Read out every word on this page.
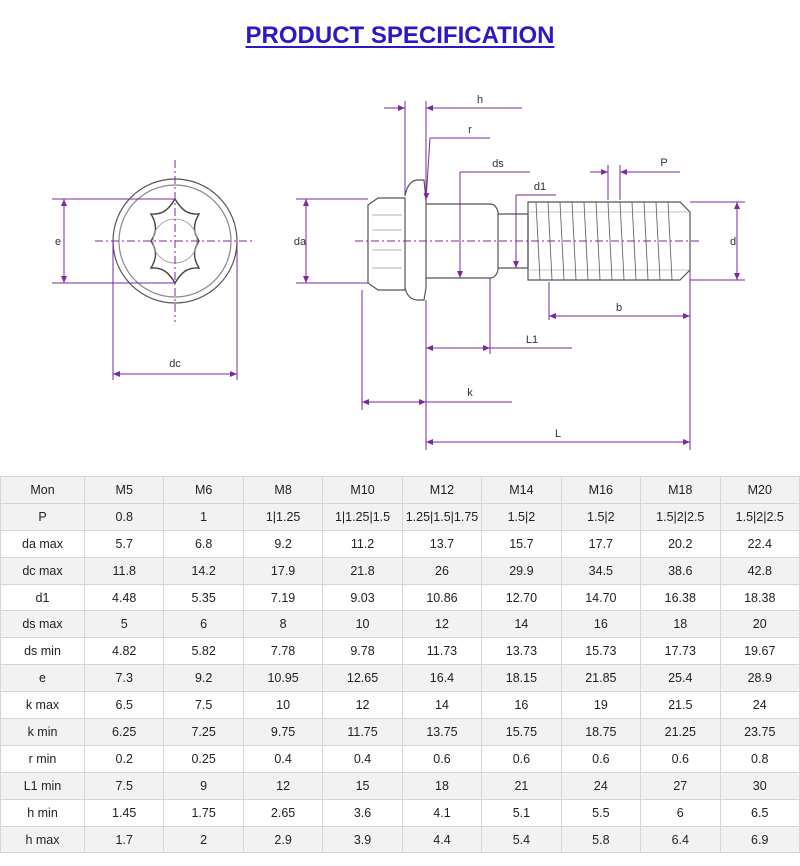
PRODUCT SPECIFICATION
e
dc
da
h
r
ds
d1
P
d
b
L1
k
L
Mon	M5	M6	M8	M10	M12	M14	M16	M18	M20
P	0.8	1	1|1.25	1|1.25|1.5	1.25|1.5|1.75	1.5|2	1.5|2	1.5|2|2.5	1.5|2|2.5
da max	5.7	6.8	9.2	11.2	13.7	15.7	17.7	20.2	22.4
dc max	11.8	14.2	17.9	21.8	26	29.9	34.5	38.6	42.8
d1	4.48	5.35	7.19	9.03	10.86	12.70	14.70	16.38	18.38
ds max	5	6	8	10	12	14	16	18	20
ds min	4.82	5.82	7.78	9.78	11.73	13.73	15.73	17.73	19.67
e	7.3	9.2	10.95	12.65	16.4	18.15	21.85	25.4	28.9
k max	6.5	7.5	10	12	14	16	19	21.5	24
k min	6.25	7.25	9.75	11.75	13.75	15.75	18.75	21.25	23.75
r min	0.2	0.25	0.4	0.4	0.6	0.6	0.6	0.6	0.8
L1 min	7.5	9	12	15	18	21	24	27	30
h min	1.45	1.75	2.65	3.6	4.1	5.1	5.5	6	6.5
h max	1.7	2	2.9	3.9	4.4	5.4	5.8	6.4	6.9
